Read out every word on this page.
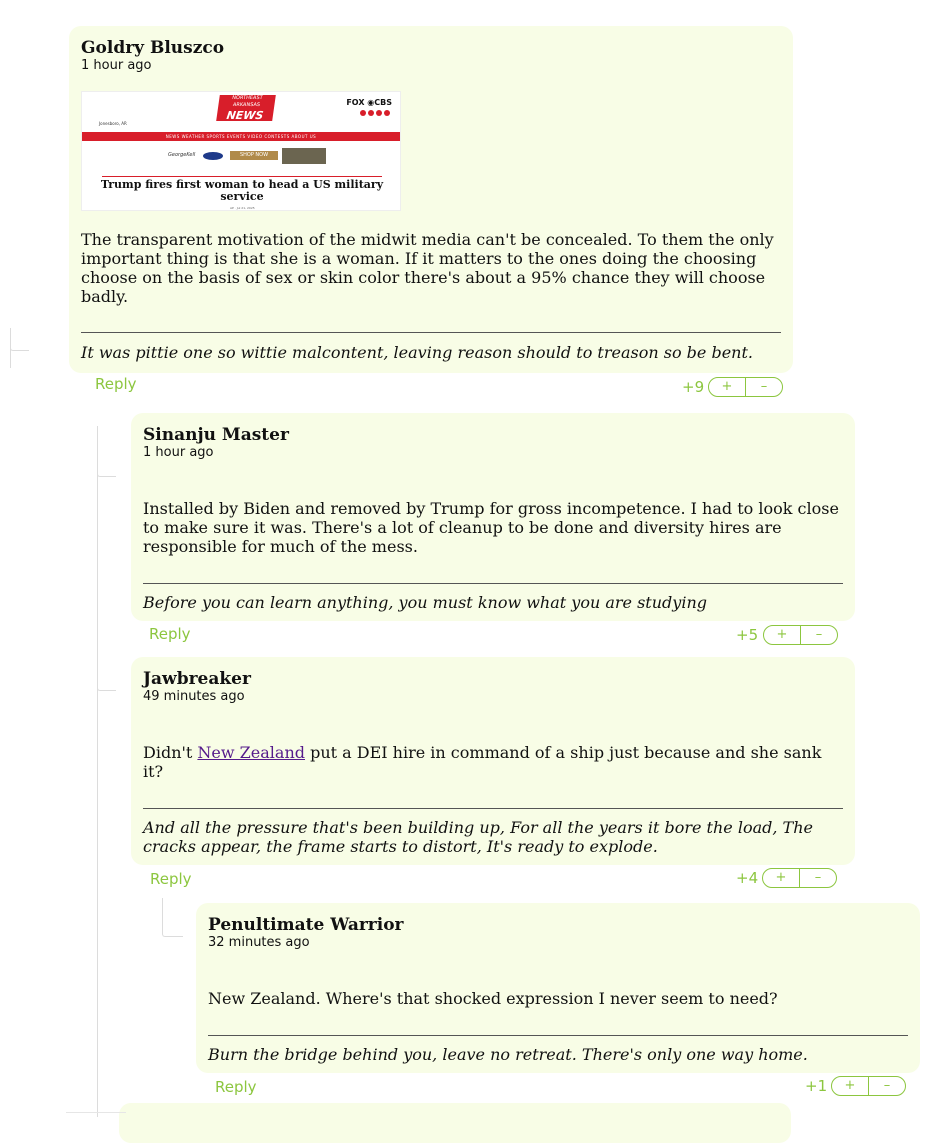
Goldry Bluszco

1 hour ago

NORTHEAST ARKANSAS
NEWS
FOX ◉CBS
Jonesboro, AR
NEWS WEATHER SPORTS EVENTS VIDEO CONTESTS ABOUT US
GeorgeKell	SHOP NOW
Trump fires first woman to head a US military service
AP · Jul 21, 2025

The transparent motivation of the midwit media can't be concealed. To them the only important thing is that she is a woman. If it matters to the ones doing the choosing choose on the basis of sex or skin color there's about a 95% chance they will choose badly.

It was pittie one so wittie malcontent, leaving reason should to treason so be bent.

Reply	+9	+	–

Sinanju Master

1 hour ago

Installed by Biden and removed by Trump for gross incompetence. I had to look close to make sure it was. There's a lot of cleanup to be done and diversity hires are responsible for much of the mess.

Before you can learn anything, you must know what you are studying

Reply	+5	+	–

Jawbreaker

49 minutes ago

Didn't New Zealand put a DEI hire in command of a ship just because and she sank it?

And all the pressure that's been building up, For all the years it bore the load, The cracks appear, the frame starts to distort, It's ready to explode.

Reply	+4	+	–

Penultimate Warrior

32 minutes ago

New Zealand. Where's that shocked expression I never seem to need?

Burn the bridge behind you, leave no retreat. There's only one way home.

Reply	+1	+	–
